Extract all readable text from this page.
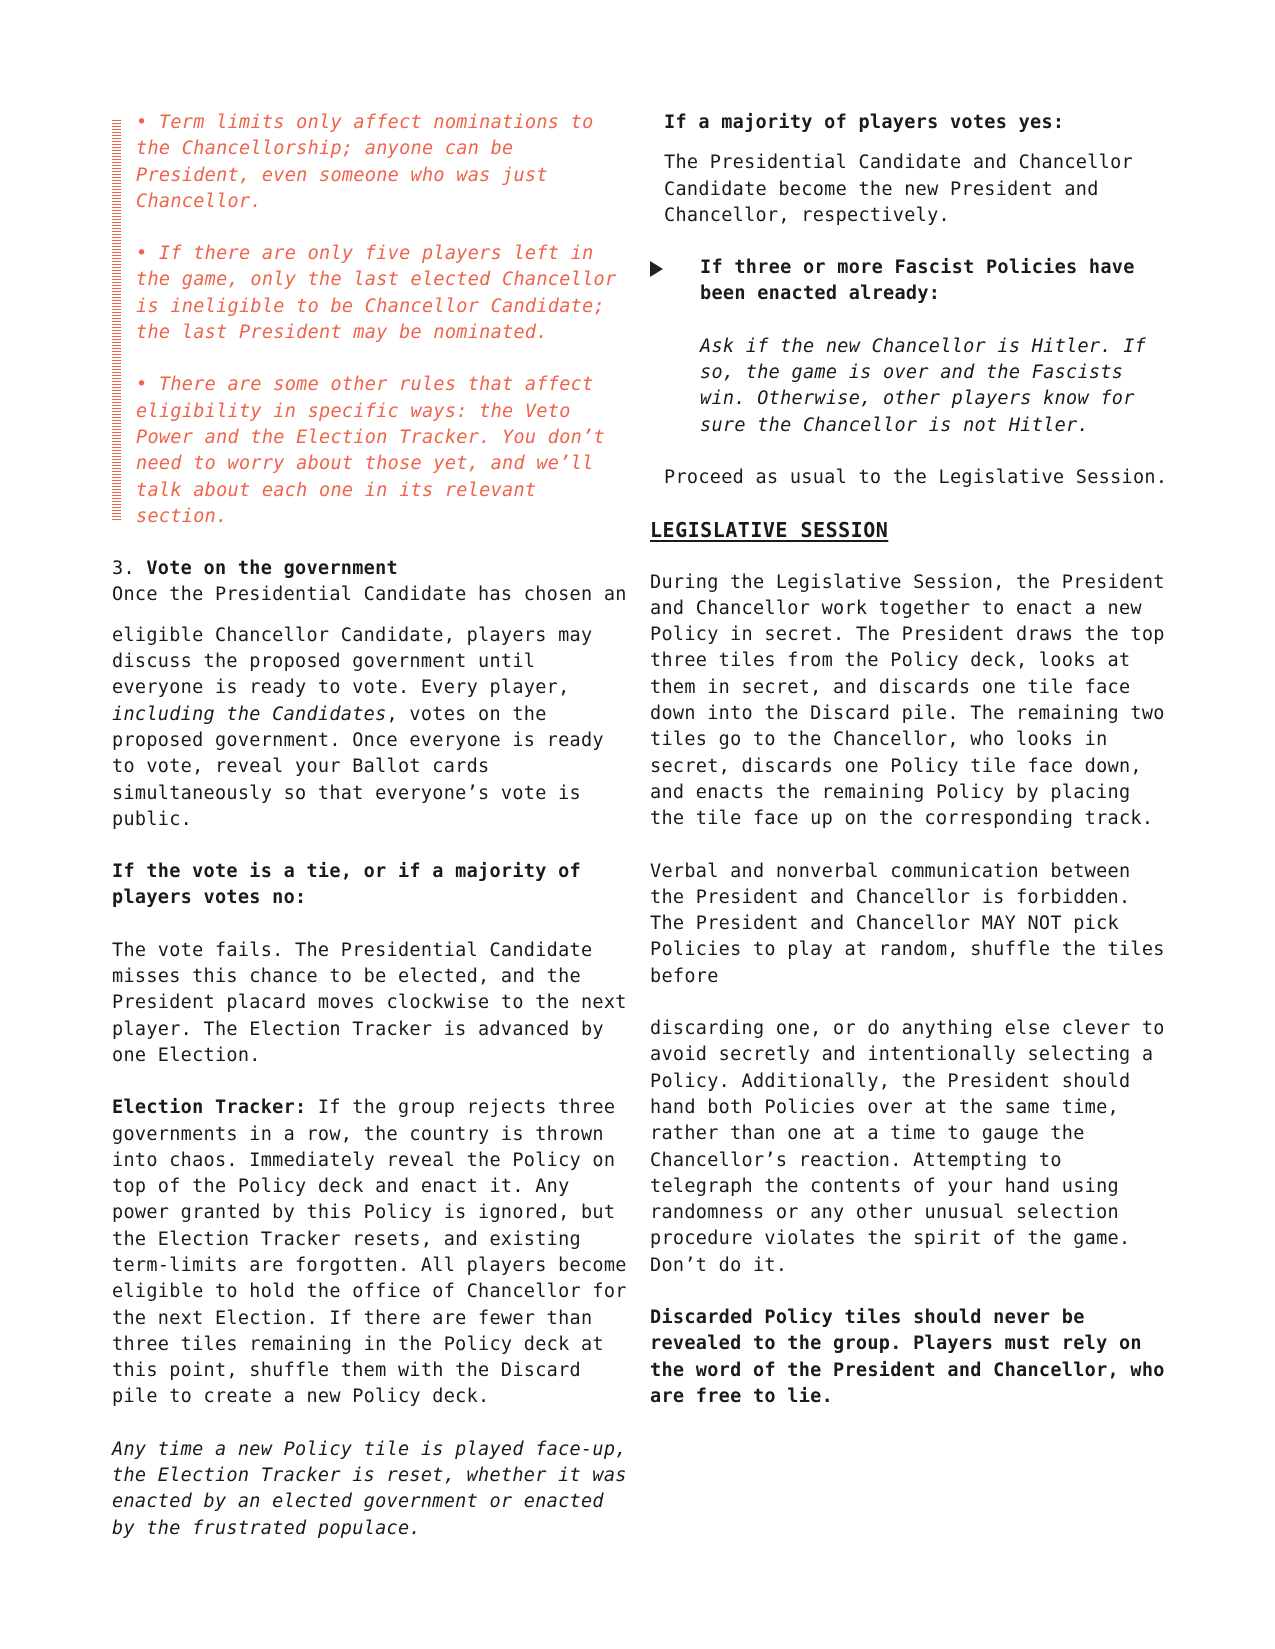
• Term limits only affect nominations to the Chancellorship; anyone can be President, even someone who was just Chancellor.

• If there are only five players left in the game, only the last elected Chancellor is ineligible to be Chancellor Candidate; the last President may be nominated.

• There are some other rules that affect eligibility in specific ways: the Veto Power and the Election Tracker. You don’t need to worry about those yet, and we’ll talk about each one in its relevant section.

3. Vote on the government

Once the Presidential Candidate has chosen an

eligible Chancellor Candidate, players may discuss the proposed government until everyone is ready to vote. Every player, including the Candidates, votes on the proposed government. Once everyone is ready to vote, reveal your Ballot cards simultaneously so that everyone’s vote is public.

If the vote is a tie, or if a majority of players votes no:

The vote fails. The Presidential Candidate misses this chance to be elected, and the President placard moves clockwise to the next player. The Election Tracker is advanced by one Election.

Election Tracker: If the group rejects three governments in a row, the country is thrown into chaos. Immediately reveal the Policy on top of the Policy deck and enact it. Any power granted by this Policy is ignored, but the Election Tracker resets, and existing term-limits are forgotten. All players become eligible to hold the office of Chancellor for the next Election. If there are fewer than three tiles remaining in the Policy deck at this point, shuffle them with the Discard pile to create a new Policy deck.

Any time a new Policy tile is played face-up, the Election Tracker is reset, whether it was enacted by an elected government or enacted by the frustrated populace.

If a majority of players votes yes:

The Presidential Candidate and Chancellor Candidate become the new President and Chancellor, respectively.

If three or more Fascist Policies have been enacted already:

Ask if the new Chancellor is Hitler. If so, the game is over and the Fascists win. Otherwise, other players know for sure the Chancellor is not Hitler.

Proceed as usual to the Legislative Session.

LEGISLATIVE SESSION

During the Legislative Session, the President and Chancellor work together to enact a new Policy in secret. The President draws the top three tiles from the Policy deck, looks at them in secret, and discards one tile face down into the Discard pile. The remaining two tiles go to the Chancellor, who looks in secret, discards one Policy tile face down, and enacts the remaining Policy by placing the tile face up on the corresponding track.

Verbal and nonverbal communication between the President and Chancellor is forbidden. The President and Chancellor MAY NOT pick Policies to play at random, shuffle the tiles before

discarding one, or do anything else clever to avoid secretly and intentionally selecting a Policy. Additionally, the President should hand both Policies over at the same time, rather than one at a time to gauge the Chancellor’s reaction. Attempting to telegraph the contents of your hand using randomness or any other unusual selection procedure violates the spirit of the game. Don’t do it.

Discarded Policy tiles should never be revealed to the group. Players must rely on the word of the President and Chancellor, who are free to lie.
